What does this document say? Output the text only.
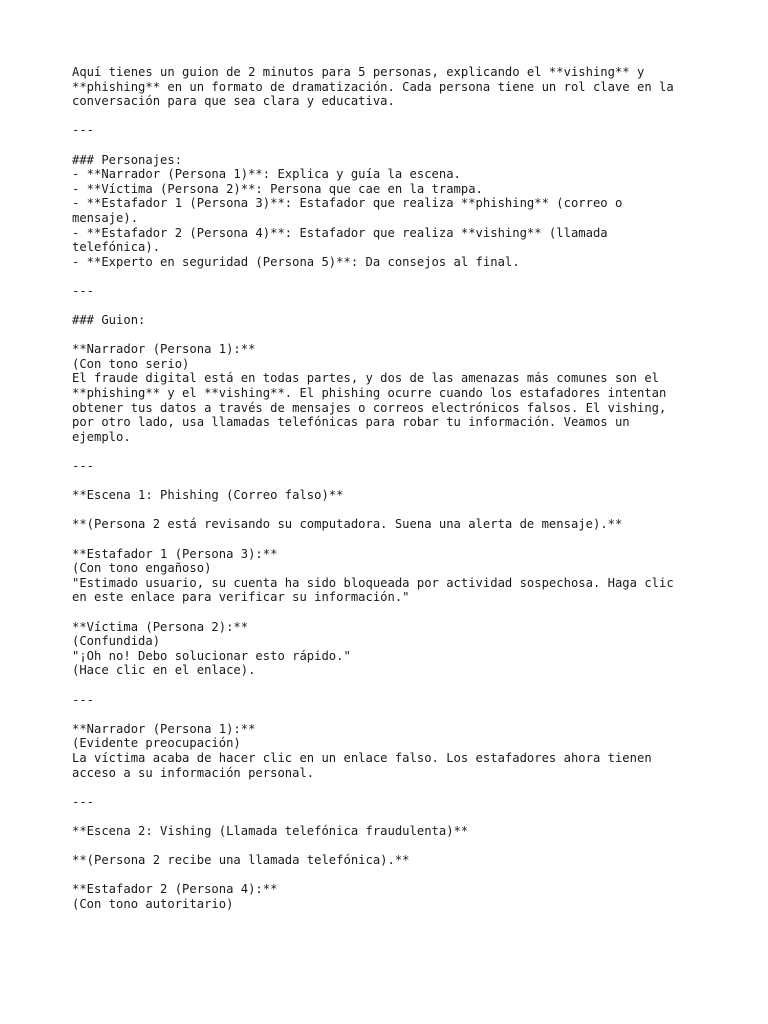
Aquí tienes un guion de 2 minutos para 5 personas, explicando el **vishing** y
**phishing** en un formato de dramatización. Cada persona tiene un rol clave en la
conversación para que sea clara y educativa.
---
### Personajes:
- **Narrador (Persona 1)**: Explica y guía la escena.
- **Víctima (Persona 2)**: Persona que cae en la trampa.
- **Estafador 1 (Persona 3)**: Estafador que realiza **phishing** (correo o
mensaje).
- **Estafador 2 (Persona 4)**: Estafador que realiza **vishing** (llamada
telefónica).
- **Experto en seguridad (Persona 5)**: Da consejos al final.
---
### Guion:
**Narrador (Persona 1):**
(Con tono serio)
El fraude digital está en todas partes, y dos de las amenazas más comunes son el
**phishing** y el **vishing**. El phishing ocurre cuando los estafadores intentan
obtener tus datos a través de mensajes o correos electrónicos falsos. El vishing,
por otro lado, usa llamadas telefónicas para robar tu información. Veamos un
ejemplo.
---
**Escena 1: Phishing (Correo falso)**
**(Persona 2 está revisando su computadora. Suena una alerta de mensaje).**
**Estafador 1 (Persona 3):**
(Con tono engañoso)
"Estimado usuario, su cuenta ha sido bloqueada por actividad sospechosa. Haga clic
en este enlace para verificar su información."
**Víctima (Persona 2):**
(Confundida)
"¡Oh no! Debo solucionar esto rápido."
(Hace clic en el enlace).
---
**Narrador (Persona 1):**
(Evidente preocupación)
La víctima acaba de hacer clic en un enlace falso. Los estafadores ahora tienen
acceso a su información personal.
---
**Escena 2: Vishing (Llamada telefónica fraudulenta)**
**(Persona 2 recibe una llamada telefónica).**
**Estafador 2 (Persona 4):**
(Con tono autoritario)
